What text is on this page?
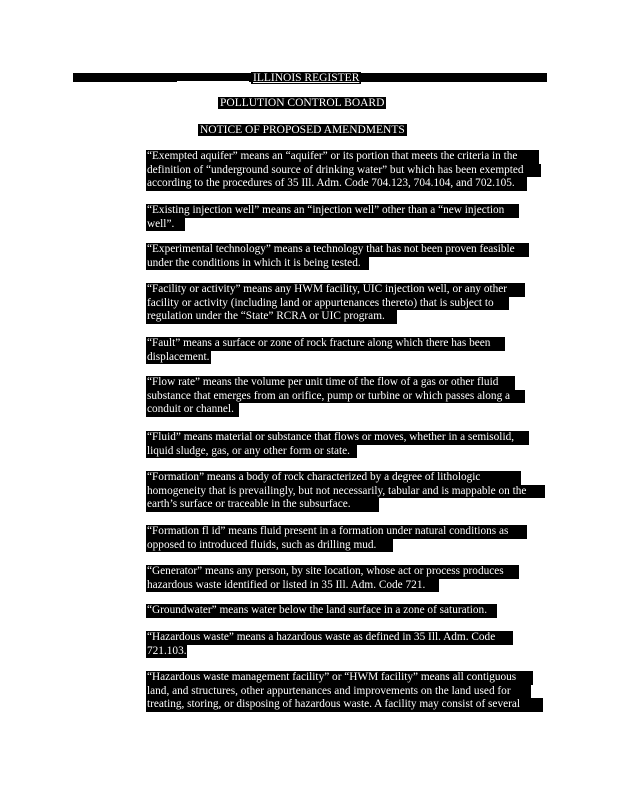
ILLINOIS REGISTER
POLLUTION CONTROL BOARD
NOTICE OF PROPOSED AMENDMENTS
“Exempted aquifer” means an “aquifer” or its portion that meets the criteria in the
definition of “underground source of drinking water” but which has been exempted
according to the procedures of 35 Ill. Adm. Code 704.123, 704.104, and 702.105.
“Existing injection well” means an “injection well” other than a “new injection
well”.
“Experimental technology” means a technology that has not been proven feasible
under the conditions in which it is being tested.
“Facility or activity” means any HWM facility, UIC injection well, or any other
facility or activity (including land or appurtenances thereto) that is subject to
regulation under the “State” RCRA or UIC program.
“Fault” means a surface or zone of rock fracture along which there has been
displacement.
“Flow rate” means the volume per unit time of the flow of a gas or other fluid
substance that emerges from an orifice, pump or turbine or which passes along a
conduit or channel.
“Fluid” means material or substance that flows or moves, whether in a semisolid,
liquid sludge, gas, or any other form or state.
“Formation” means a body of rock characterized by a degree of lithologic
homogeneity that is prevailingly, but not necessarily, tabular and is mappable on the
earth’s surface or traceable in the subsurface.
“Formation fl id” means fluid present in a formation under natural conditions as
opposed to introduced fluids, such as drilling mud.
“Generator” means any person, by site location, whose act or process produces
hazardous waste identified or listed in 35 Ill. Adm. Code 721.
“Groundwater” means water below the land surface in a zone of saturation.
“Hazardous waste” means a hazardous waste as defined in 35 Ill. Adm. Code
721.103.
“Hazardous waste management facility” or “HWM facility” means all contiguous
land, and structures, other appurtenances and improvements on the land used for
treating, storing, or disposing of hazardous waste. A facility may consist of several
